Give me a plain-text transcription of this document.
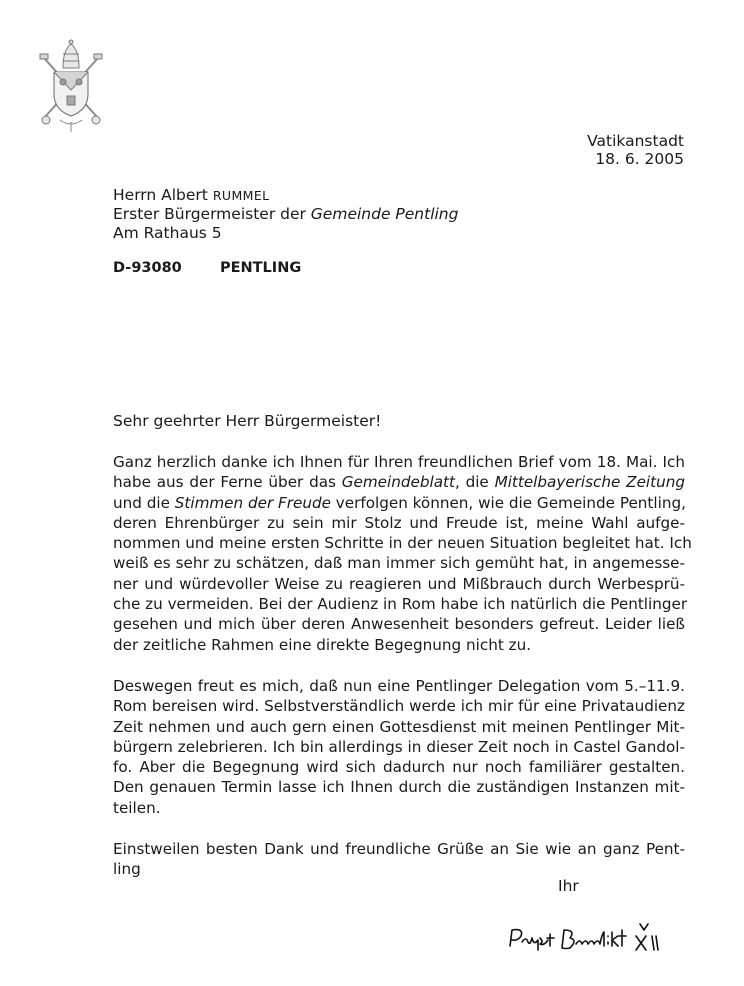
Vatikanstadt
18. 6. 2005
Herrn Albert RUMMEL
Erster Bürgermeister der Gemeinde Pentling
Am Rathaus 5
D-93080	PENTLING
Sehr geehrter Herr Bürgermeister!
Ganz herzlich danke ich Ihnen für Ihren freundlichen Brief vom 18. Mai. Ich
habe aus der Ferne über das Gemeindeblatt, die Mittelbayerische Zeitung
und die Stimmen der Freude verfolgen können, wie die Gemeinde Pentling,
deren Ehrenbürger zu sein mir Stolz und Freude ist, meine Wahl aufge-
nommen und meine ersten Schritte in der neuen Situation begleitet hat. Ich
weiß es sehr zu schätzen, daß man immer sich gemüht hat, in angemesse-
ner und würdevoller Weise zu reagieren und Mißbrauch durch Werbesprü-
che zu vermeiden. Bei der Audienz in Rom habe ich natürlich die Pentlinger
gesehen und mich über deren Anwesenheit besonders gefreut. Leider ließ
der zeitliche Rahmen eine direkte Begegnung nicht zu.
Deswegen freut es mich, daß nun eine Pentlinger Delegation vom 5.–11.9.
Rom bereisen wird. Selbstverständlich werde ich mir für eine Privataudienz
Zeit nehmen und auch gern einen Gottesdienst mit meinen Pentlinger Mit-
bürgern zelebrieren. Ich bin allerdings in dieser Zeit noch in Castel Gandol-
fo. Aber die Begegnung wird sich dadurch nur noch familiärer gestalten.
Den genauen Termin lasse ich Ihnen durch die zuständigen Instanzen mit-
teilen.
Einstweilen besten Dank und freundliche Grüße an Sie wie an ganz Pent-
ling
Ihr
